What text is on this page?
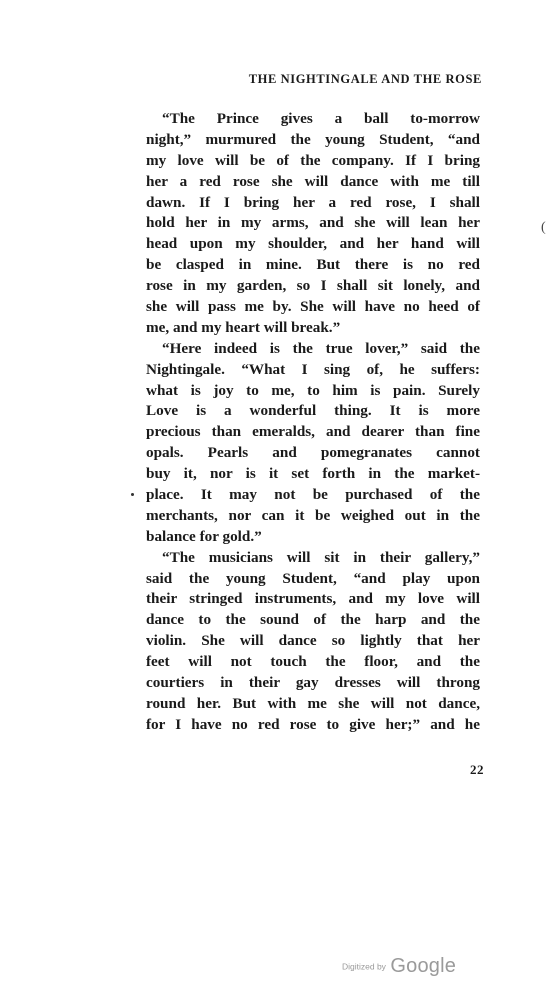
THE NIGHTINGALE AND THE ROSE
(
“The Prince gives a ball to-morrow
night,” murmured the young Student, “and
my love will be of the company. If I bring
her a red rose she will dance with me till
dawn. If I bring her a red rose, I shall
hold her in my arms, and she will lean her
head upon my shoulder, and her hand will
be clasped in mine. But there is no red
rose in my garden, so I shall sit lonely, and
she will pass me by. She will have no heed of
me, and my heart will break.”
“Here indeed is the true lover,” said the
Nightingale. “What I sing of, he suffers:
what is joy to me, to him is pain. Surely
Love is a wonderful thing. It is more
precious than emeralds, and dearer than fine
opals. Pearls and pomegranates cannot
buy it, nor is it set forth in the market-
place. It may not be purchased of the
merchants, nor can it be weighed out in the
balance for gold.”
“The musicians will sit in their gallery,”
said the young Student, “and play upon
their stringed instruments, and my love will
dance to the sound of the harp and the
violin. She will dance so lightly that her
feet will not touch the floor, and the
courtiers in their gay dresses will throng
round her. But with me she will not dance,
for I have no red rose to give her;” and he
22
Digitized by Google
